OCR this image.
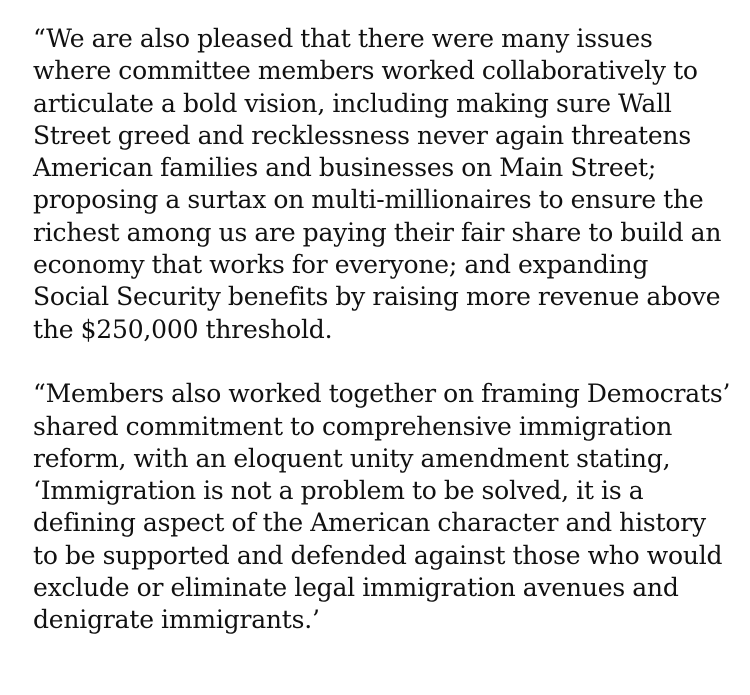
“We are also pleased that there were many issues
where committee members worked collaboratively to
articulate a bold vision, including making sure Wall
Street greed and recklessness never again threatens
American families and businesses on Main Street;
proposing a surtax on multi-millionaires to ensure the
richest among us are paying their fair share to build an
economy that works for everyone; and expanding
Social Security benefits by raising more revenue above
the $250,000 threshold.
“Members also worked together on framing Democrats’
shared commitment to comprehensive immigration
reform, with an eloquent unity amendment stating,
‘Immigration is not a problem to be solved, it is a
defining aspect of the American character and history
to be supported and defended against those who would
exclude or eliminate legal immigration avenues and
denigrate immigrants.’
